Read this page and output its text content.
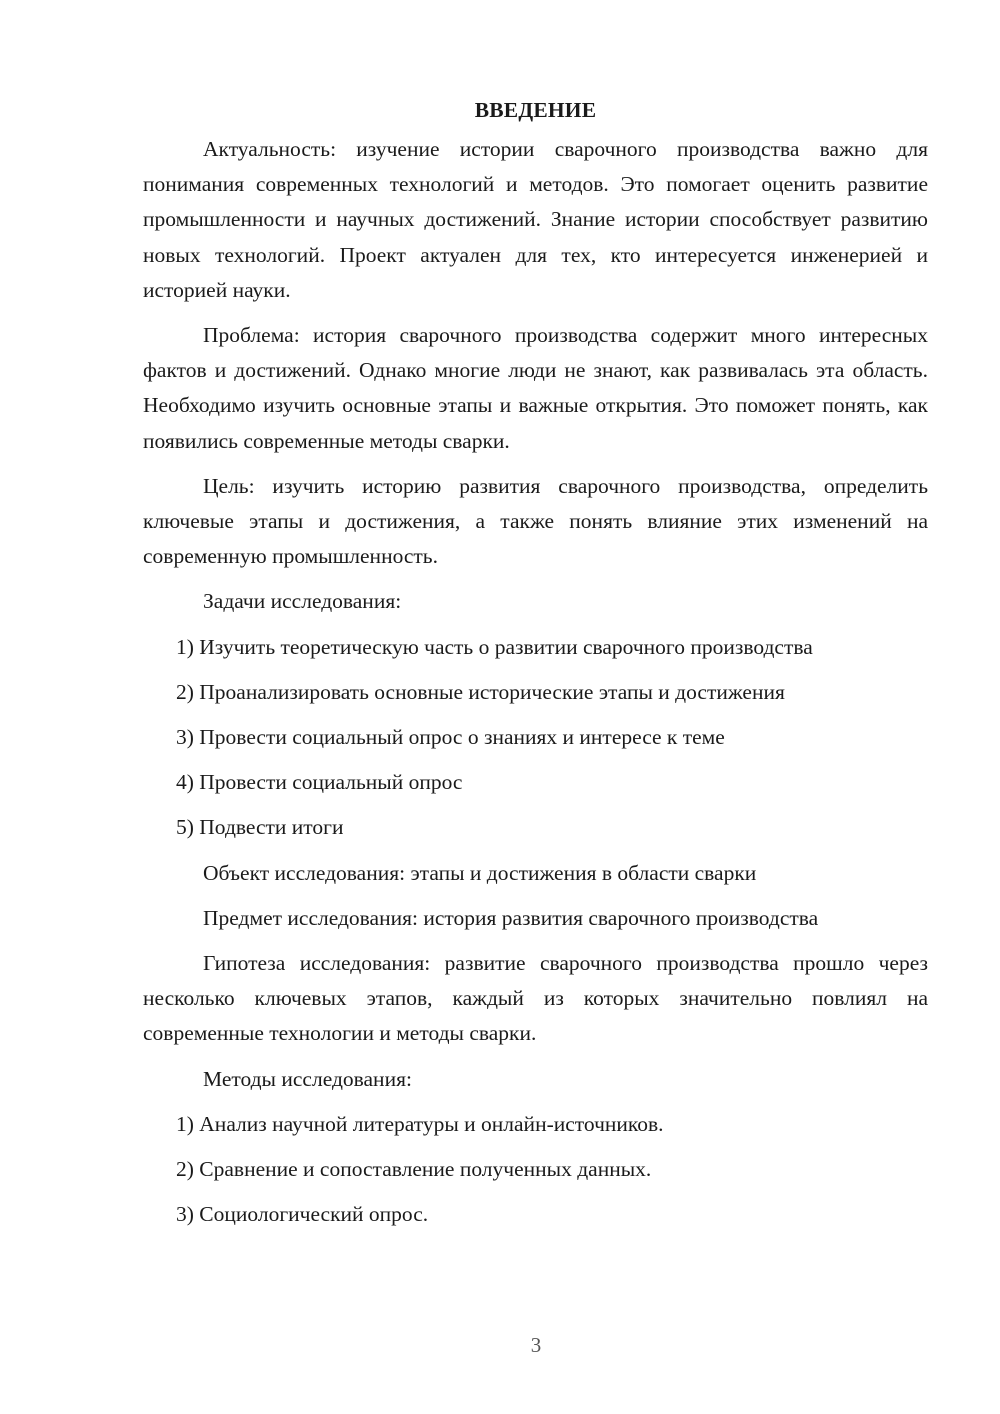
ВВЕДЕНИЕ

Актуальность: изучение истории сварочного производства важно для понимания современных технологий и методов. Это помогает оценить развитие промышленности и научных достижений. Знание истории способствует развитию новых технологий. Проект актуален для тех, кто интересуется инженерией и историей науки.

Проблема: история сварочного производства содержит много интересных фактов и достижений. Однако многие люди не знают, как развивалась эта область. Необходимо изучить основные этапы и важные открытия. Это поможет понять, как появились современные методы сварки.

Цель: изучить историю развития сварочного производства, определить ключевые этапы и достижения, а также понять влияние этих изменений на современную промышленность.

Задачи исследования:
1) Изучить теоретическую часть о развитии сварочного производства
2) Проанализировать основные исторические этапы и достижения
3) Провести социальный опрос о знаниях и интересе к теме
4) Провести социальный опрос
5) Подвести итоги
Объект исследования: этапы и достижения в области сварки
Предмет исследования: история развития сварочного производства

Гипотеза исследования: развитие сварочного производства прошло через несколько ключевых этапов, каждый из которых значительно повлиял на современные технологии и методы сварки.

Методы исследования:
1) Анализ научной литературы и онлайн-источников.
2) Сравнение и сопоставление полученных данных.
3) Социологический опрос.
3
